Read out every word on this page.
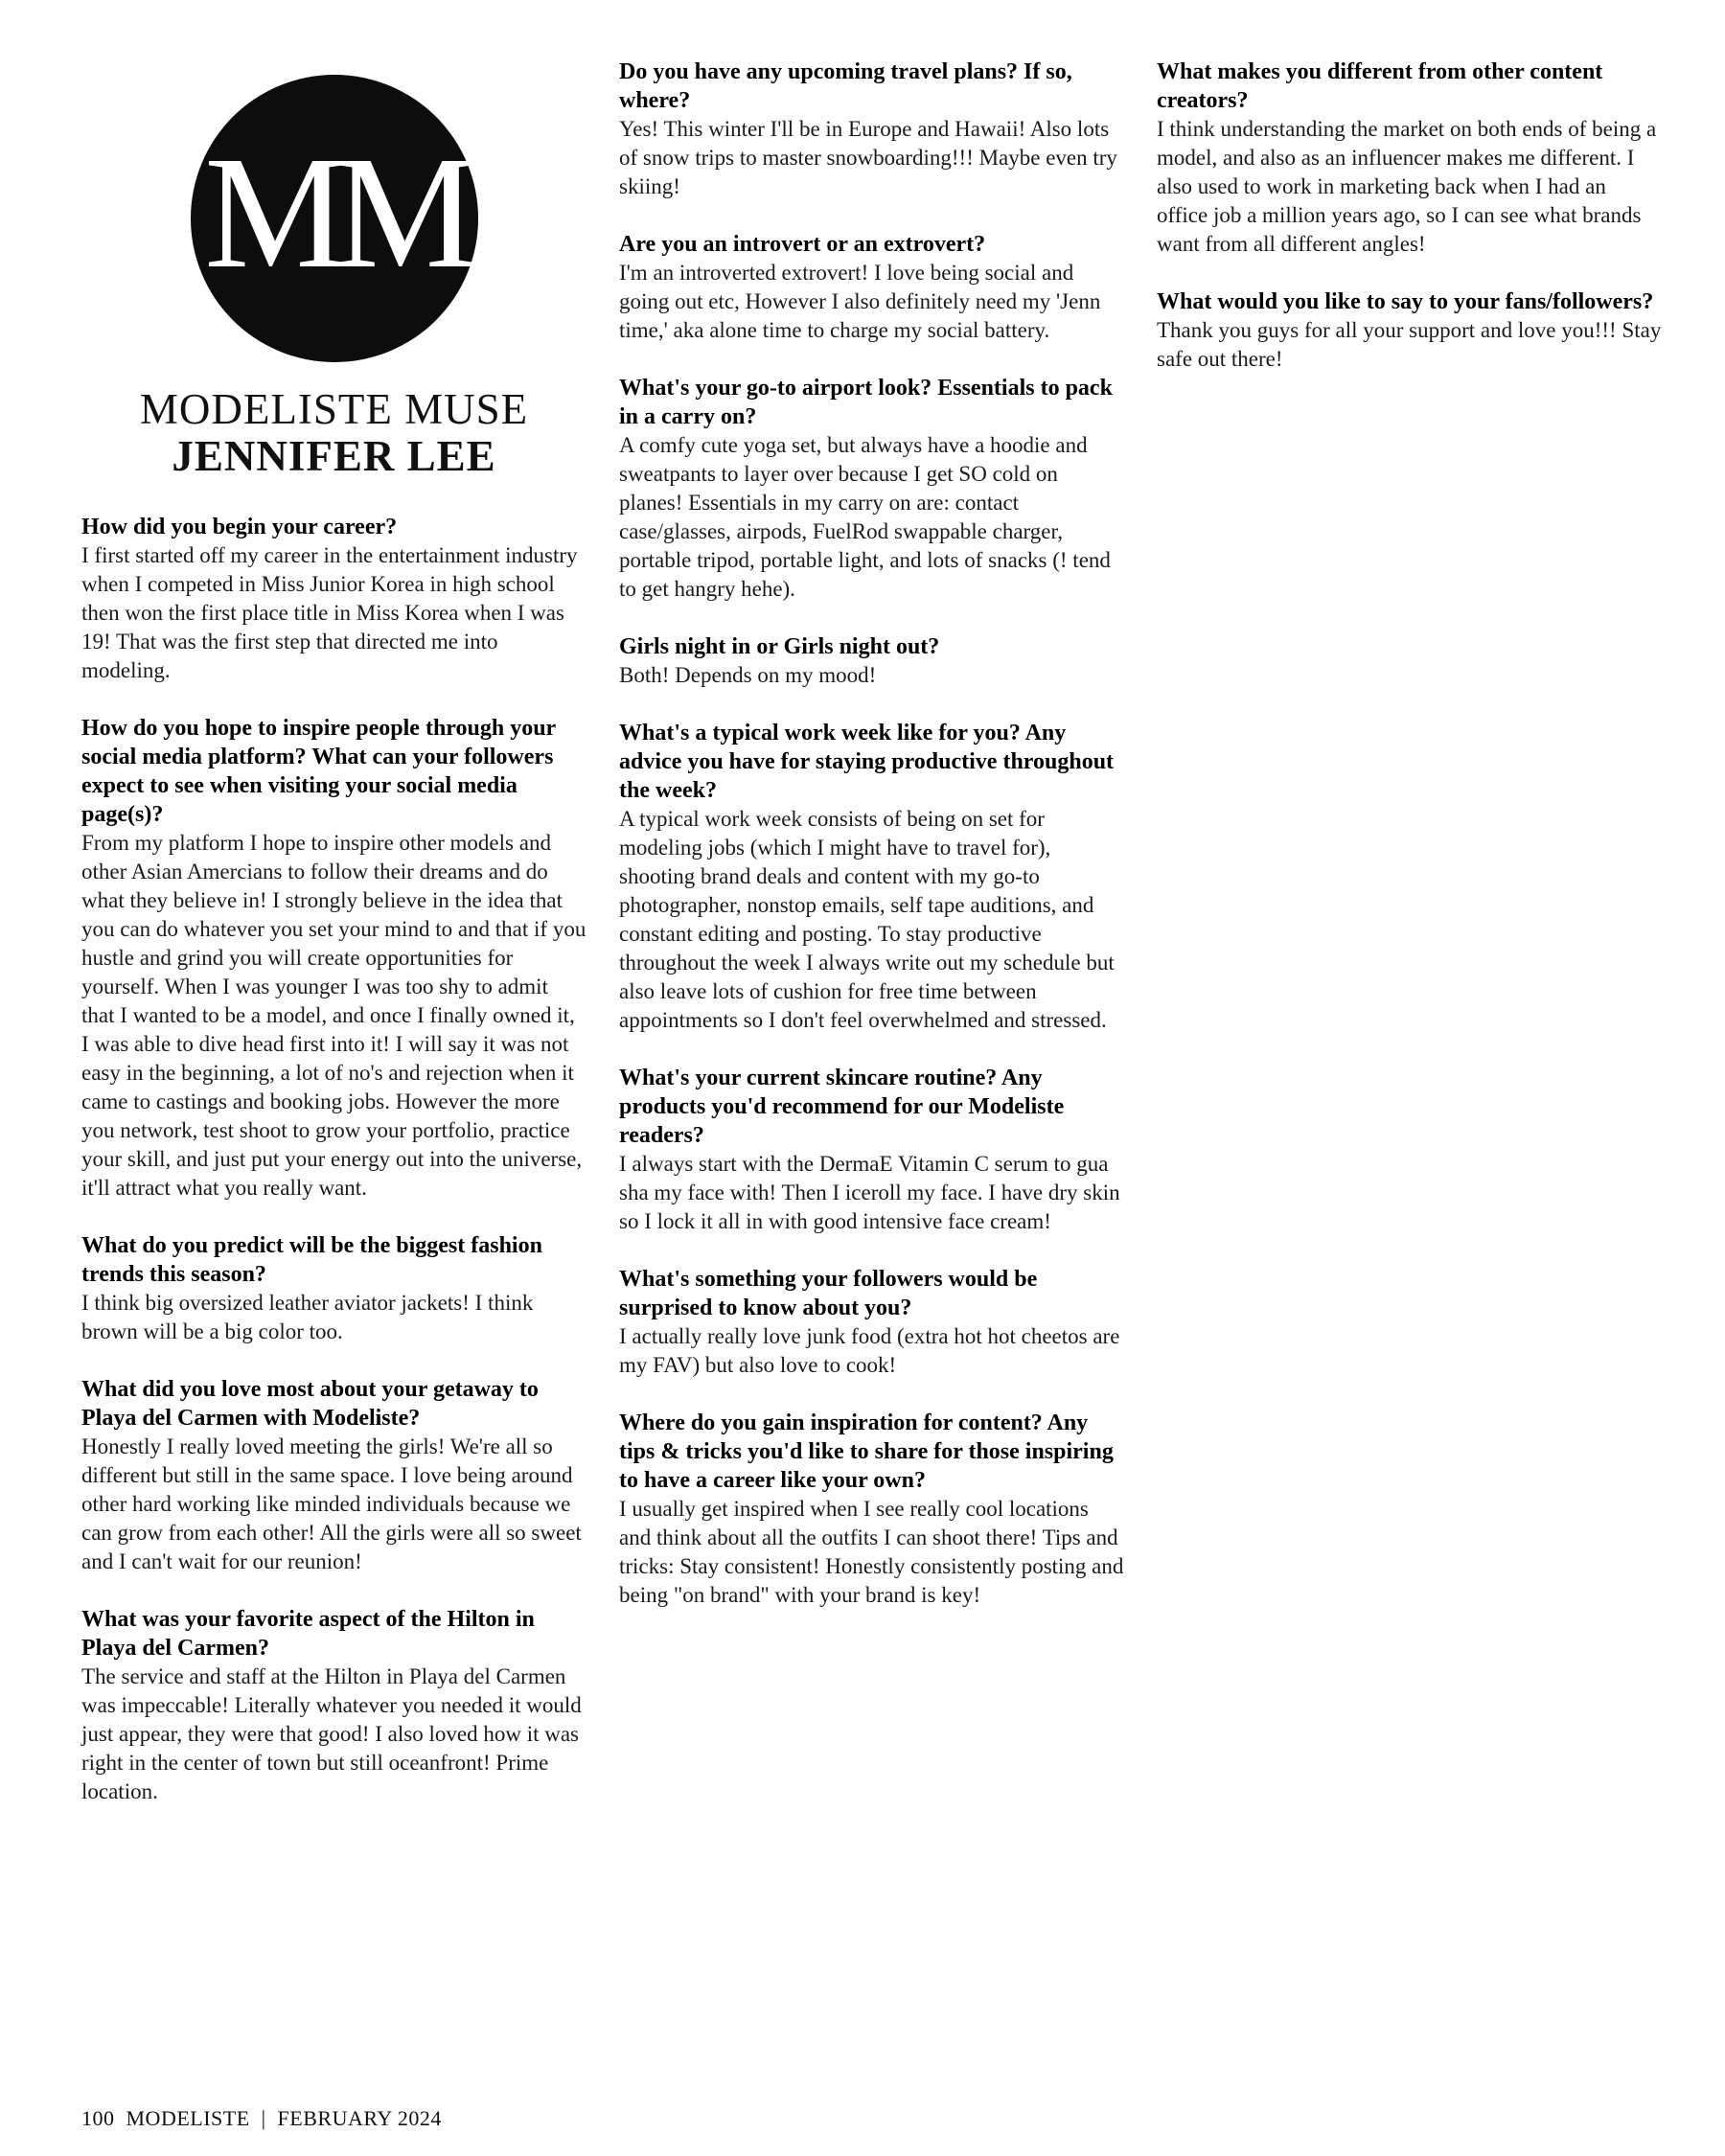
MM
MODELISTE MUSE
JENNIFER LEE
How did you begin your career?
I first started off my career in the entertainment industry when I competed in Miss Junior Korea in high school then won the first place title in Miss Korea when I was 19! That was the first step that directed me into modeling.
How do you hope to inspire people through your social media platform? What can your followers expect to see when visiting your social media page(s)?
From my platform I hope to inspire other models and other Asian Amercians to follow their dreams and do what they believe in! I strongly believe in the idea that you can do whatever you set your mind to and that if you hustle and grind you will create opportunities for yourself. When I was younger I was too shy to admit that I wanted to be a model, and once I finally owned it, I was able to dive head first into it! I will say it was not easy in the beginning, a lot of no's and rejection when it came to castings and booking jobs. However the more you network, test shoot to grow your portfolio, practice your skill, and just put your energy out into the universe, it'll attract what you really want.
What do you predict will be the biggest fashion trends this season?
I think big oversized leather aviator jackets! I think brown will be a big color too.
What did you love most about your getaway to Playa del Carmen with Modeliste?
Honestly I really loved meeting the girls! We're all so different but still in the same space. I love being around other hard working like minded individuals because we can grow from each other! All the girls were all so sweet and I can't wait for our reunion!
What was your favorite aspect of the Hilton in Playa del Carmen?
The service and staff at the Hilton in Playa del Carmen was impeccable! Literally whatever you needed it would just appear, they were that good! I also loved how it was right in the center of town but still oceanfront! Prime location.
Do you have any upcoming travel plans? If so, where?
Yes! This winter I'll be in Europe and Hawaii! Also lots of snow trips to master snowboarding!!! Maybe even try skiing!
Are you an introvert or an extrovert?
I'm an introverted extrovert! I love being social and going out etc, However I also definitely need my 'Jenn time,' aka alone time to charge my social battery.
What's your go-to airport look? Essentials to pack in a carry on?
A comfy cute yoga set, but always have a hoodie and sweatpants to layer over because I get SO cold on planes! Essentials in my carry on are: contact case/glasses, airpods, FuelRod swappable charger, portable tripod, portable light, and lots of snacks (! tend to get hangry hehe).
Girls night in or Girls night out?
Both! Depends on my mood!
What's a typical work week like for you? Any advice you have for staying productive throughout the week?
A typical work week consists of being on set for modeling jobs (which I might have to travel for), shooting brand deals and content with my go-to photographer, nonstop emails, self tape auditions, and constant editing and posting. To stay productive throughout the week I always write out my schedule but also leave lots of cushion for free time between appointments so I don't feel overwhelmed and stressed.
What's your current skincare routine? Any products you'd recommend for our Modeliste readers?
I always start with the DermaE Vitamin C serum to gua sha my face with! Then I iceroll my face. I have dry skin so I lock it all in with good intensive face cream!
What's something your followers would be surprised to know about you?
I actually really love junk food (extra hot hot cheetos are my FAV) but also love to cook!
Where do you gain inspiration for content? Any tips & tricks you'd like to share for those inspiring to have a career like your own?
I usually get inspired when I see really cool locations and think about all the outfits I can shoot there! Tips and tricks: Stay consistent! Honestly consistently posting and being "on brand" with your brand is key!
What makes you different from other content creators?
I think understanding the market on both ends of being a model, and also as an influencer makes me different. I also used to work in marketing back when I had an office job a million years ago, so I can see what brands want from all different angles!
What would you like to say to your fans/followers?
Thank you guys for all your support and love you!!! Stay safe out there!
100  MODELISTE  |  FEBRUARY 2024
